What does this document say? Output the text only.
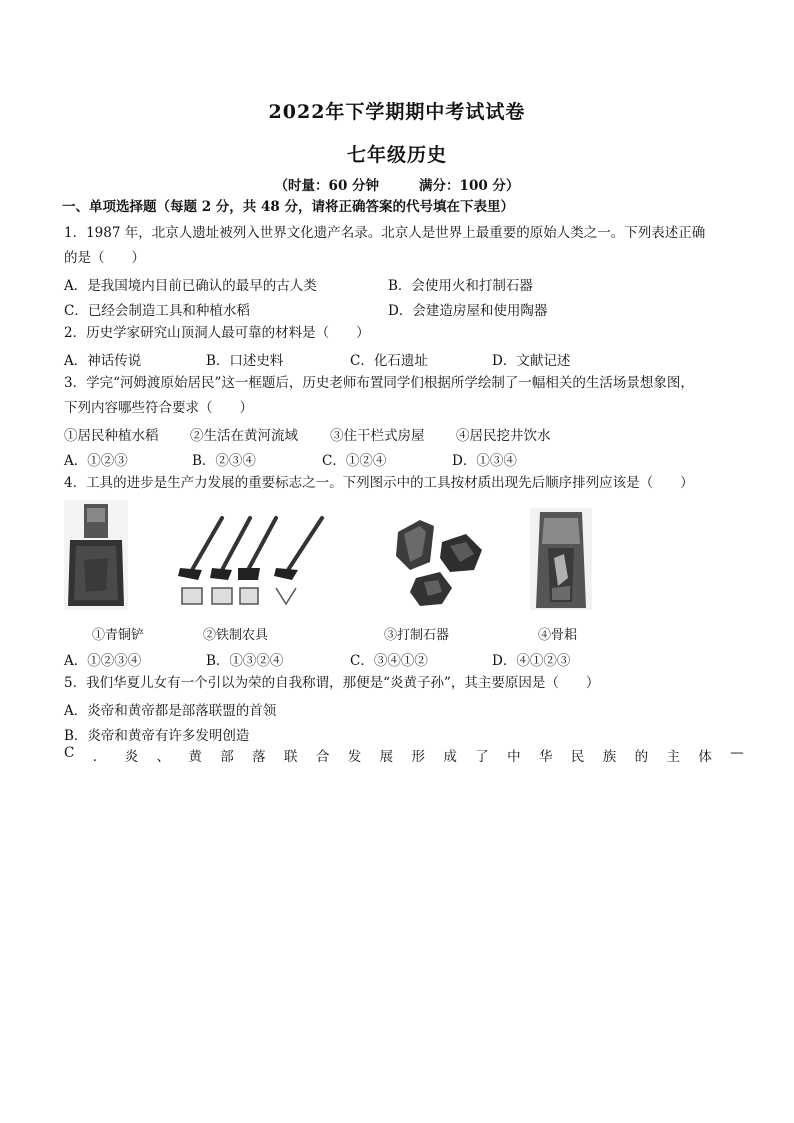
2022年下学期期中考试试卷
七年级历史
（时量：60 分钟	满分：100 分）
一、单项选择题（每题 2 分，共 48 分，请将正确答案的代号填在下表里）
1．1987 年，北京人遗址被列入世界文化遗产名录。北京人是世界上最重要的原始人类之一。下列表述正确
的是（　　）
A．是我国境内目前已确认的最早的古人类	B．会使用火和打制石器
C．已经会制造工具和种植水稻	D．会建造房屋和使用陶器
2．历史学家研究山顶洞人最可靠的材料是（　　）
A．神话传说	B．口述史料	C．化石遗址	D．文献记述
3．学完“河姆渡原始居民”这一框题后，历史老师布置同学们根据所学绘制了一幅相关的生活场景想象图，
下列内容哪些符合要求（　　）
①居民种植水稻 ②生活在黄河流域 ③住干栏式房屋 ④居民挖井饮水
A．①②③	B．②③④	C．①②④	D．①③④
4．工具的进步是生产力发展的重要标志之一。下列图示中的工具按材质出现先后顺序排列应该是（　　）
①青铜铲	②铁制农具	③打制石器	④骨耜
A．①②③④	B．①③②④	C．③④①②	D．④①②③
5．我们华夏儿女有一个引以为荣的自我称谓，那便是“炎黄子孙”，其主要原因是（　　）
A．炎帝和黄帝都是部落联盟的首领
B．炎帝和黄帝有许多发明创造
C ． 炎 、 黄 部 落 联 合 发 展 形 成 了 中 华 民 族 的 主 体 —
